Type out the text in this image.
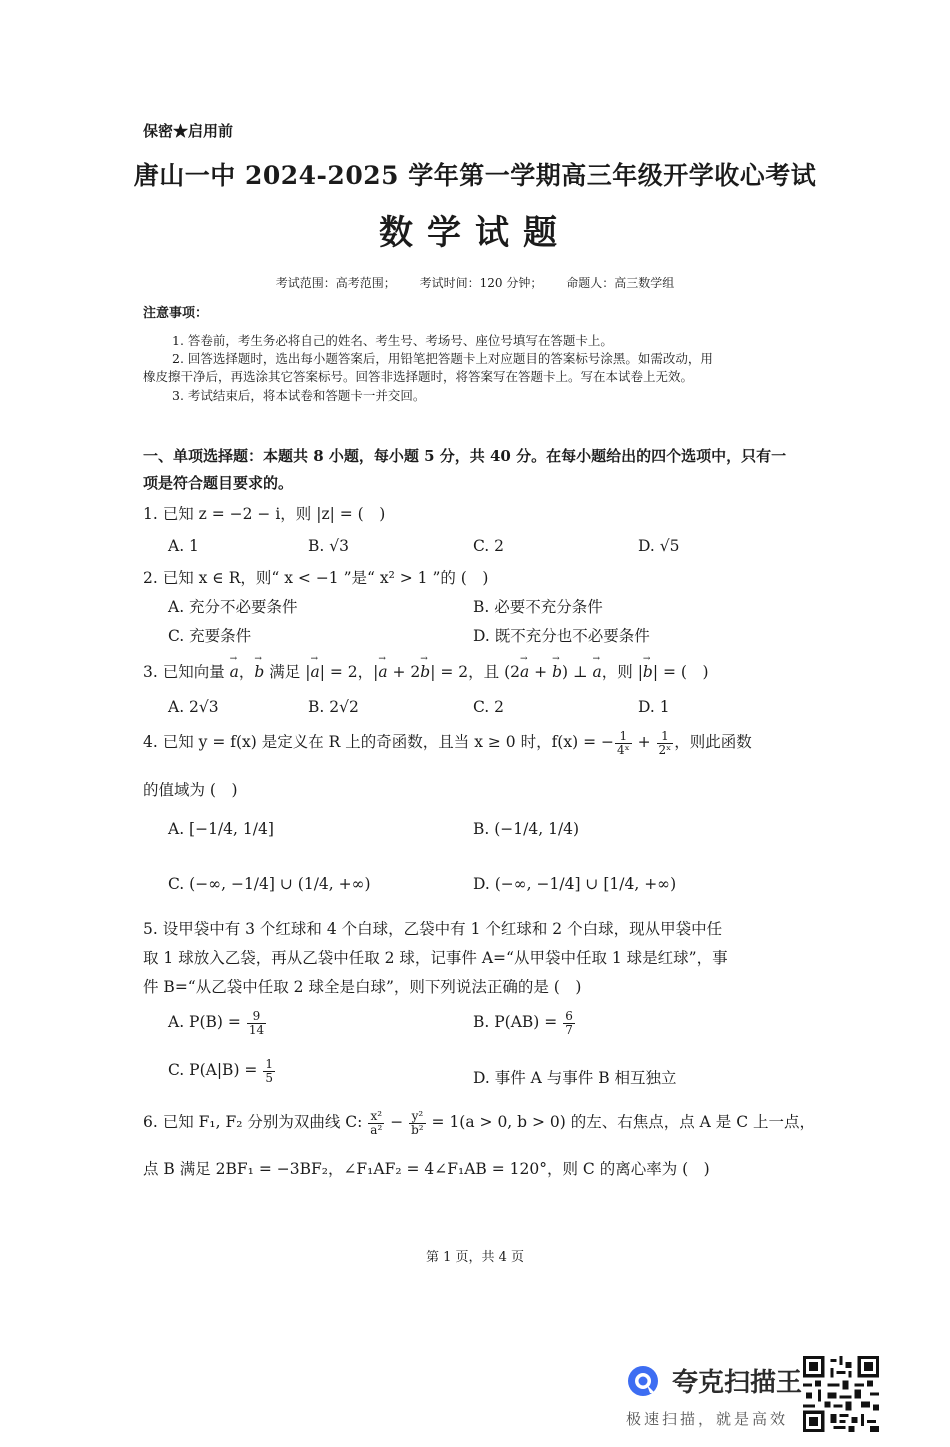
保密★启用前
唐山一中 2024-2025 学年第一学期高三年级开学收心考试
数学试题
考试范围：高考范围； 考试时间：120 分钟； 命题人：高三数学组
注意事项：
1. 答卷前，考生务必将自己的姓名、考生号、考场号、座位号填写在答题卡上。
2. 回答选择题时，选出每小题答案后，用铅笔把答题卡上对应题目的答案标号涂黑。如需改动，用
橡皮擦干净后，再选涂其它答案标号。回答非选择题时，将答案写在答题卡上。写在本试卷上无效。
3. 考试结束后，将本试卷和答题卡一并交回。
一、单项选择题：本题共 8 小题，每小题 5 分，共 40 分。在每小题给出的四个选项中，只有一
项是符合题目要求的。
1. 已知 z = −2 − i，则 |z| = (　)
A. 1	B. √3	C. 2	D. √5
2. 已知 x ∈ R，则“ x < −1 ”是“ x² > 1 ”的 (　)
A. 充分不必要条件	B. 必要不充分条件
C. 充要条件	D. 既不充分也不必要条件
3. 已知向量 → a，→ b 满足 |→ a| = 2，|→ a + 2→ b| = 2，且 (2→ a + → b) ⊥ → a，则 |→ b| = (　)
A. 2√3	B. 2√2	C. 2	D. 1
4. 已知 y = f(x) 是定义在 R 上的奇函数，且当 x ≥ 0 时，f(x) = − $\frac{1}{\text{4ˣ}} + \frac{1}{\text{2ˣ}}$ ，则此函数
的值域为 (　)
A. [−1/4, 1/4]	B. (−1/4, 1/4)
C. (−∞, −1/4] ∪ (1/4, +∞)	D. (−∞, −1/4] ∪ [1/4, +∞)
5. 设甲袋中有 3 个红球和 4 个白球，乙袋中有 1 个红球和 2 个白球，现从甲袋中任
取 1 球放入乙袋，再从乙袋中任取 2 球，记事件 A=“从甲袋中任取 1 球是红球”，事
件 B=“从乙袋中任取 2 球全是白球”，则下列说法正确的是 (　)
A. $P(B) = \frac{9}{14}$	B. $P(AB) = \frac{6}{7}$
C. $P(A|B) = \frac{1}{5}$	D. 事件 A 与事件 B 相互独立
6. 已知 F₁, F₂ 分别为双曲线 C: $\frac{\text{x²}}{\text{a²}} - \frac{\text{y²}}{\text{b²}} = 1(a > 0$, b > 0) 的左、右焦点，点 A 是 C 上一点，
点 B 满足 2BF₁ = −3BF₂，∠F₁AF₂ = 4∠F₁AB = 120°，则 C 的离心率为 (　)
第 1 页，共 4 页
夸克扫描王
极速扫描，就是高效
